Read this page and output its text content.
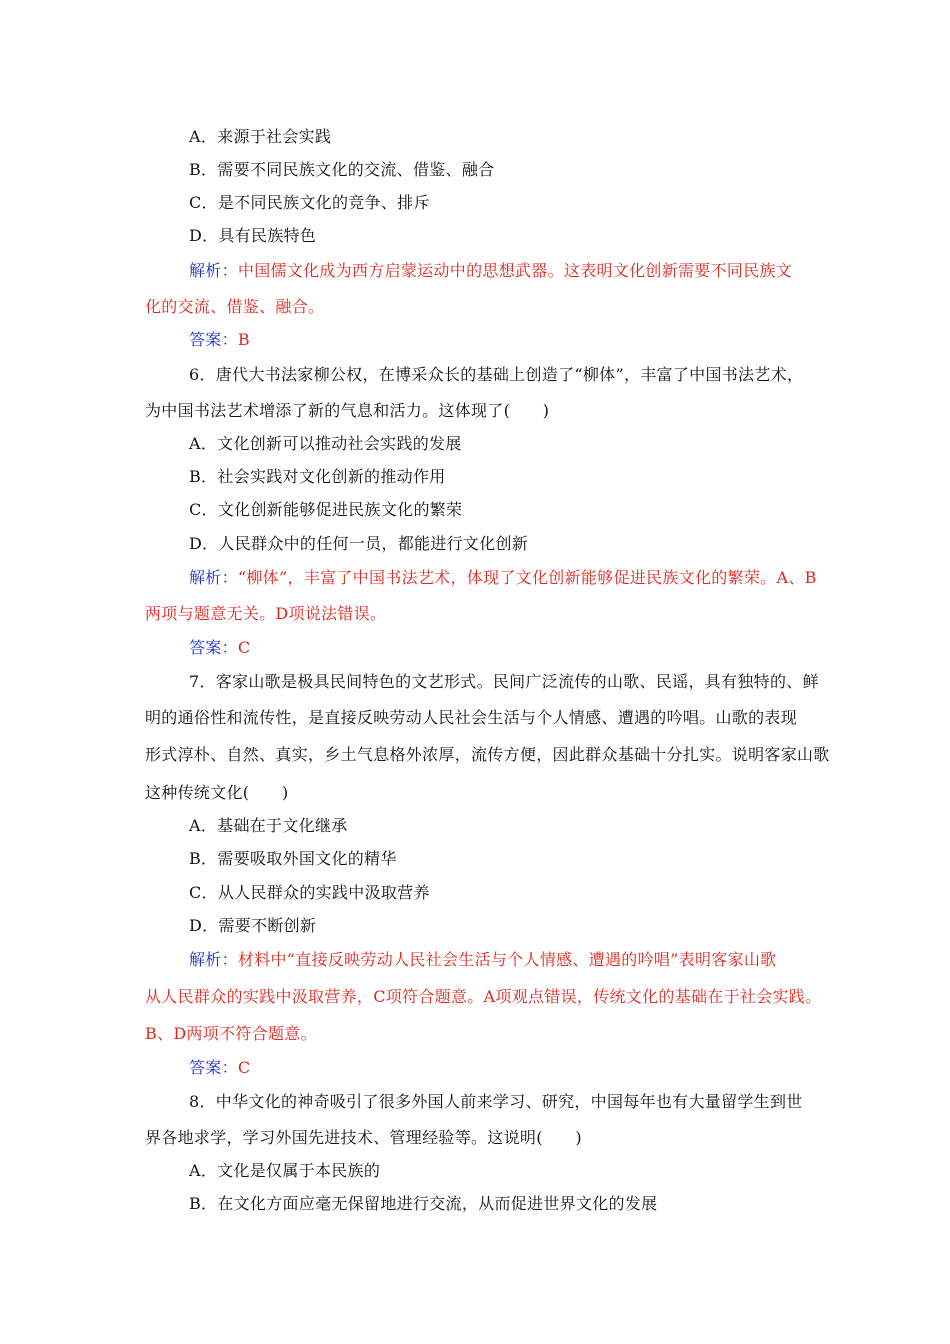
A．来源于社会实践
B．需要不同民族文化的交流、借鉴、融合
C．是不同民族文化的竞争、排斥
D．具有民族特色
解析：中国儒文化成为西方启蒙运动中的思想武器。这表明文化创新需要不同民族文
化的交流、借鉴、融合。
答案：B
6．唐代大书法家柳公权，在博采众长的基础上创造了“柳体”，丰富了中国书法艺术，
为中国书法艺术增添了新的气息和活力。这体现了(　　)
A．文化创新可以推动社会实践的发展
B．社会实践对文化创新的推动作用
C．文化创新能够促进民族文化的繁荣
D．人民群众中的任何一员，都能进行文化创新
解析：“柳体”，丰富了中国书法艺术，体现了文化创新能够促进民族文化的繁荣。A、B
两项与题意无关。D项说法错误。
答案：C
7．客家山歌是极具民间特色的文艺形式。民间广泛流传的山歌、民谣，具有独特的、鲜
明的通俗性和流传性，是直接反映劳动人民社会生活与个人情感、遭遇的吟唱。山歌的表现
形式淳朴、自然、真实，乡土气息格外浓厚，流传方便，因此群众基础十分扎实。说明客家山歌
这种传统文化(　　)
A．基础在于文化继承
B．需要吸取外国文化的精华
C．从人民群众的实践中汲取营养
D．需要不断创新
解析：材料中“直接反映劳动人民社会生活与个人情感、遭遇的吟唱”表明客家山歌
从人民群众的实践中汲取营养，C项符合题意。A项观点错误，传统文化的基础在于社会实践。
B、D两项不符合题意。
答案：C
8．中华文化的神奇吸引了很多外国人前来学习、研究，中国每年也有大量留学生到世
界各地求学，学习外国先进技术、管理经验等。这说明(　　)
A．文化是仅属于本民族的
B．在文化方面应毫无保留地进行交流，从而促进世界文化的发展
